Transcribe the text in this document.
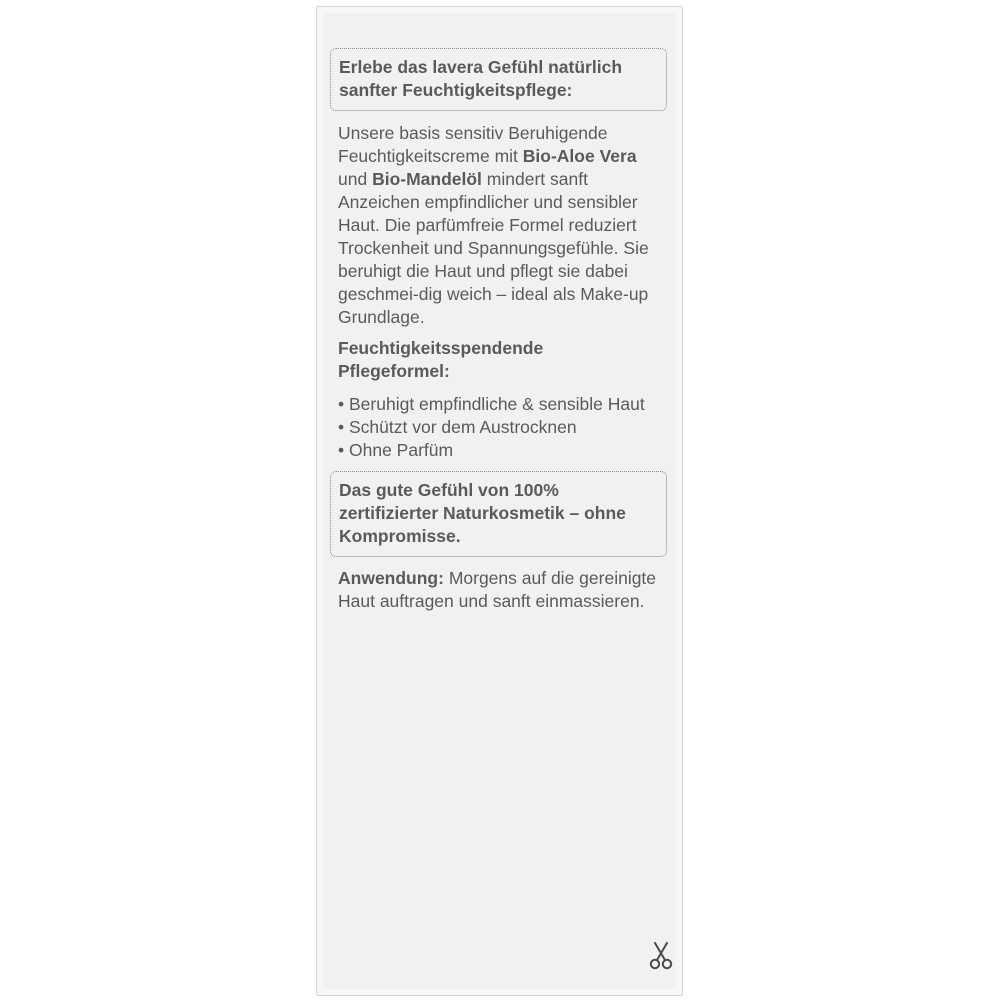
Erlebe das lavera Gefühl natürlich
sanfter Feuchtigkeitspflege:
Unsere basis sensitiv Beruhigende Feuchtigkeitscreme mit Bio-Aloe Vera und Bio-Mandelöl mindert sanft Anzeichen empfindlicher und sensibler Haut. Die parfümfreie Formel reduziert Trockenheit und Spannungsgefühle. Sie beruhigt die Haut und pflegt sie dabei geschmei-dig weich – ideal als Make-up Grundlage.
Feuchtigkeitsspendende Pflegeformel:
• Beruhigt empfindliche & sensible Haut
• Schützt vor dem Austrocknen
• Ohne Parfüm
Das gute Gefühl von 100% zertifizierter Naturkosmetik – ohne Kompromisse.
Anwendung: Morgens auf die gereinigte Haut auftragen und sanft einmassieren.
